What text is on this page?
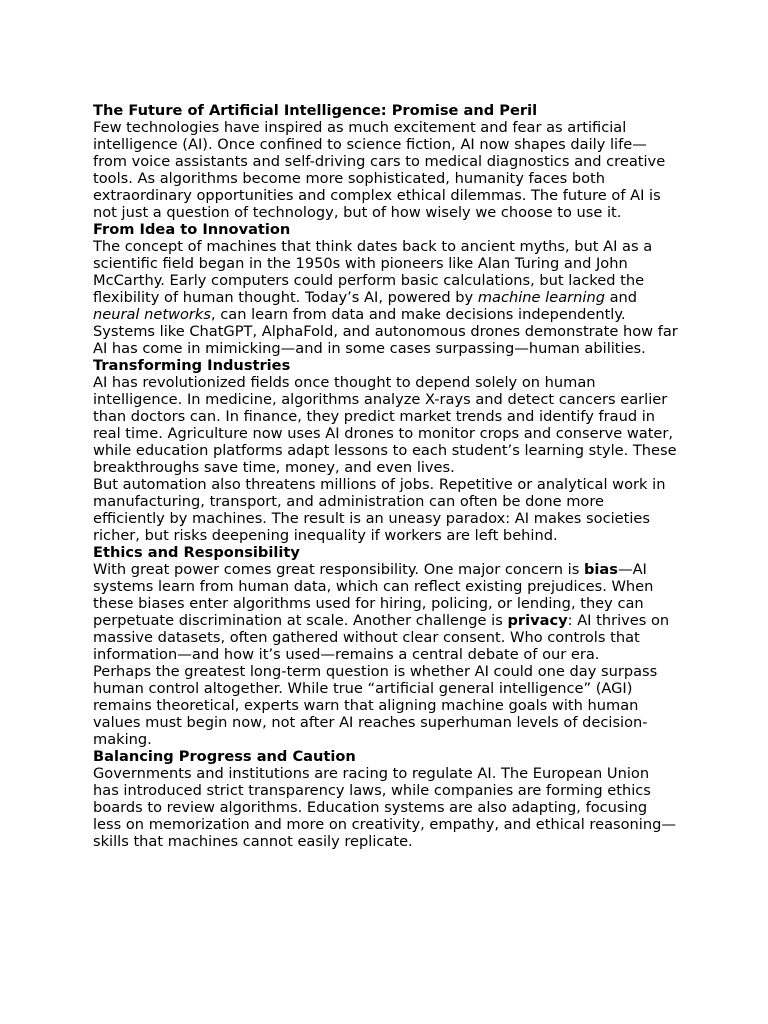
The Future of Artificial Intelligence: Promise and Peril

Few technologies have inspired as much excitement and fear as artificial intelligence (AI). Once confined to science fiction, AI now shapes daily life—from voice assistants and self-driving cars to medical diagnostics and creative tools. As algorithms become more sophisticated, humanity faces both extraordinary opportunities and complex ethical dilemmas. The future of AI is not just a question of technology, but of how wisely we choose to use it.

From Idea to Innovation

The concept of machines that think dates back to ancient myths, but AI as a scientific field began in the 1950s with pioneers like Alan Turing and John McCarthy. Early computers could perform basic calculations, but lacked the flexibility of human thought. Today’s AI, powered by machine learning and neural networks, can learn from data and make decisions independently. Systems like ChatGPT, AlphaFold, and autonomous drones demonstrate how far AI has come in mimicking—and in some cases surpassing—human abilities.

Transforming Industries

AI has revolutionized fields once thought to depend solely on human intelligence. In medicine, algorithms analyze X-rays and detect cancers earlier than doctors can. In finance, they predict market trends and identify fraud in real time. Agriculture now uses AI drones to monitor crops and conserve water, while education platforms adapt lessons to each student’s learning style. These breakthroughs save time, money, and even lives.

But automation also threatens millions of jobs. Repetitive or analytical work in manufacturing, transport, and administration can often be done more efficiently by machines. The result is an uneasy paradox: AI makes societies richer, but risks deepening inequality if workers are left behind.

Ethics and Responsibility

With great power comes great responsibility. One major concern is bias—AI systems learn from human data, which can reflect existing prejudices. When these biases enter algorithms used for hiring, policing, or lending, they can perpetuate discrimination at scale. Another challenge is privacy: AI thrives on massive datasets, often gathered without clear consent. Who controls that information—and how it’s used—remains a central debate of our era.

Perhaps the greatest long-term question is whether AI could one day surpass human control altogether. While true “artificial general intelligence” (AGI) remains theoretical, experts warn that aligning machine goals with human values must begin now, not after AI reaches superhuman levels of decision-making.

Balancing Progress and Caution

Governments and institutions are racing to regulate AI. The European Union has introduced strict transparency laws, while companies are forming ethics boards to review algorithms. Education systems are also adapting, focusing less on memorization and more on creativity, empathy, and ethical reasoning—skills that machines cannot easily replicate.
